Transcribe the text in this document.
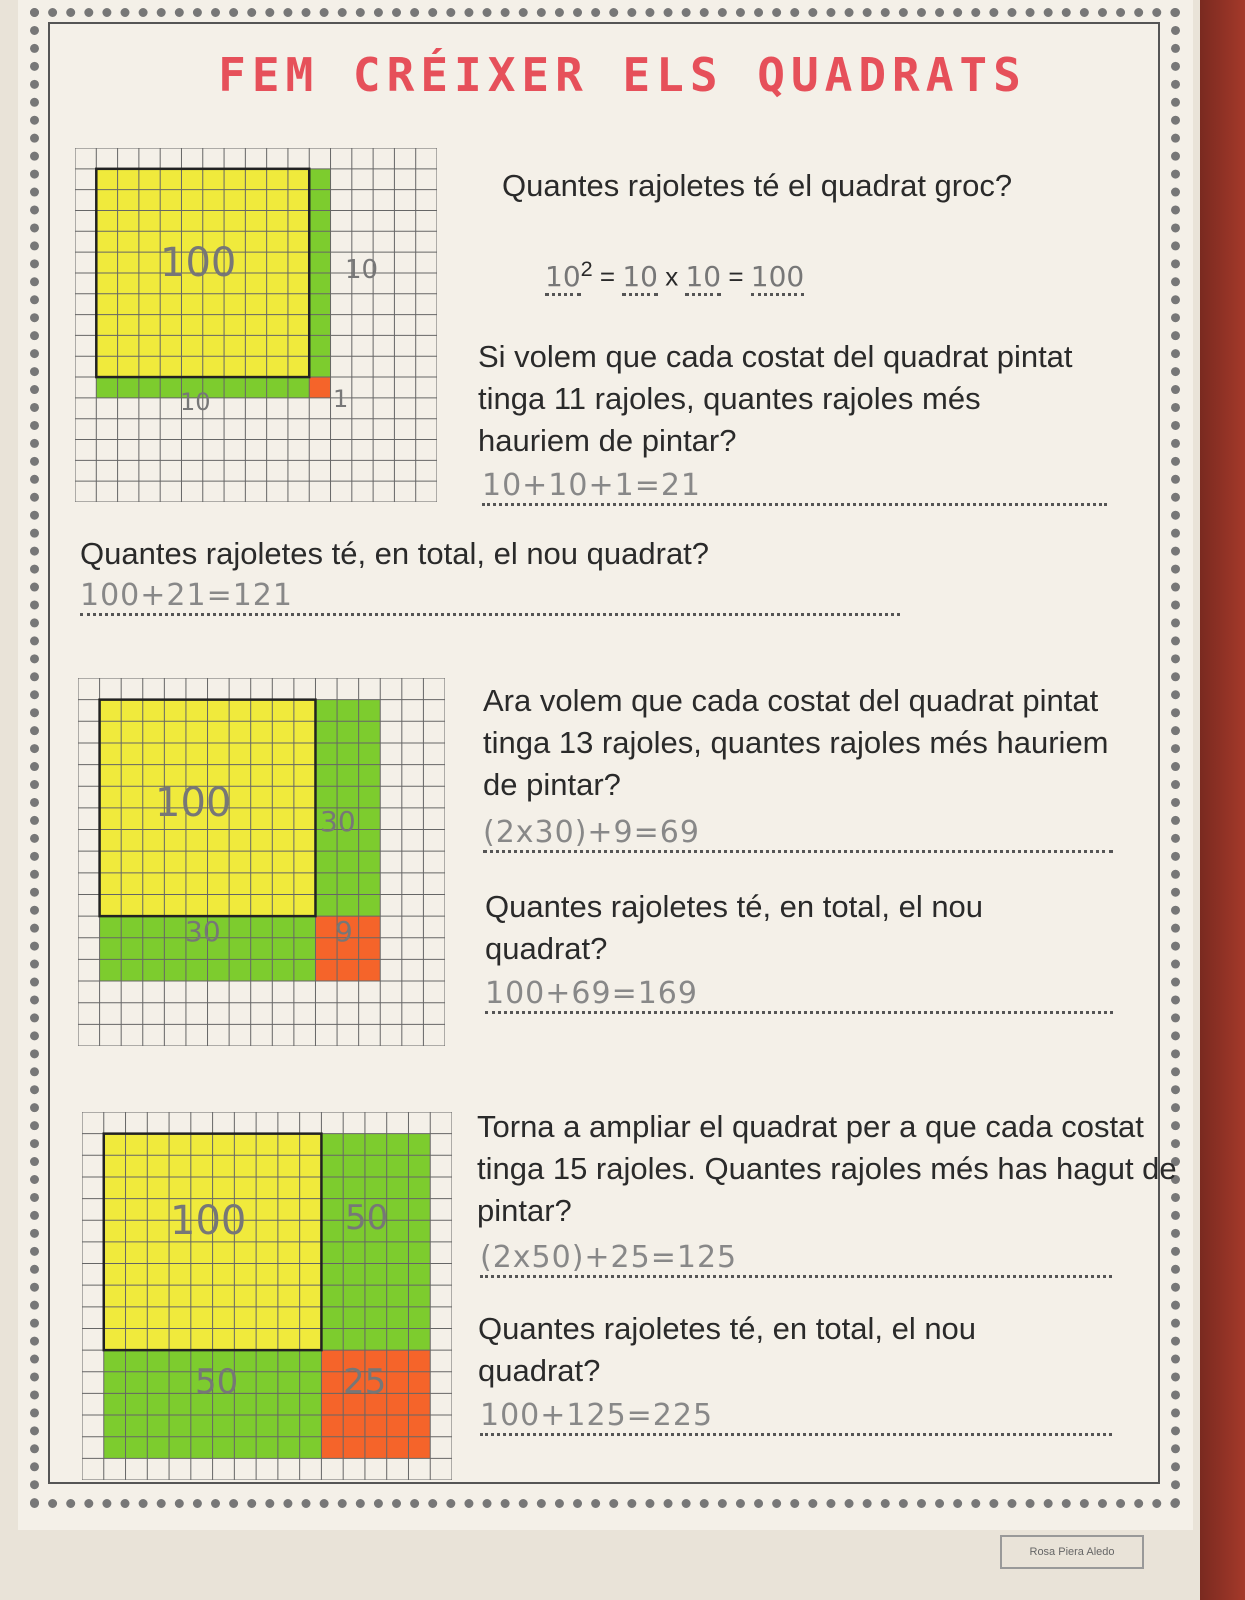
FEM CRÉIXER ELS QUADRATS
100	10
10	1
Quantes rajoletes té el quadrat groc?
$10^2 = 10$ x 10 = 100
Si volem que cada costat del quadrat pintat tinga 11 rajoles, quantes rajoles més hauriem de pintar?
10+10+1=21
Quantes rajoletes té, en total, el nou quadrat?
100+21=121
100	30
30	9
Ara volem que cada costat del quadrat pintat tinga 13 rajoles, quantes rajoles més hauriem de pintar?
(2x30)+9=69
Quantes rajoletes té, en total, el nou quadrat?
100+69=169
100	50
50	25
Torna a ampliar el quadrat per a que cada costat tinga 15 rajoles. Quantes rajoles més has hagut de pintar?
(2x50)+25=125
Quantes rajoletes té, en total, el nou quadrat?
100+125=225
Rosa Piera Aledo
